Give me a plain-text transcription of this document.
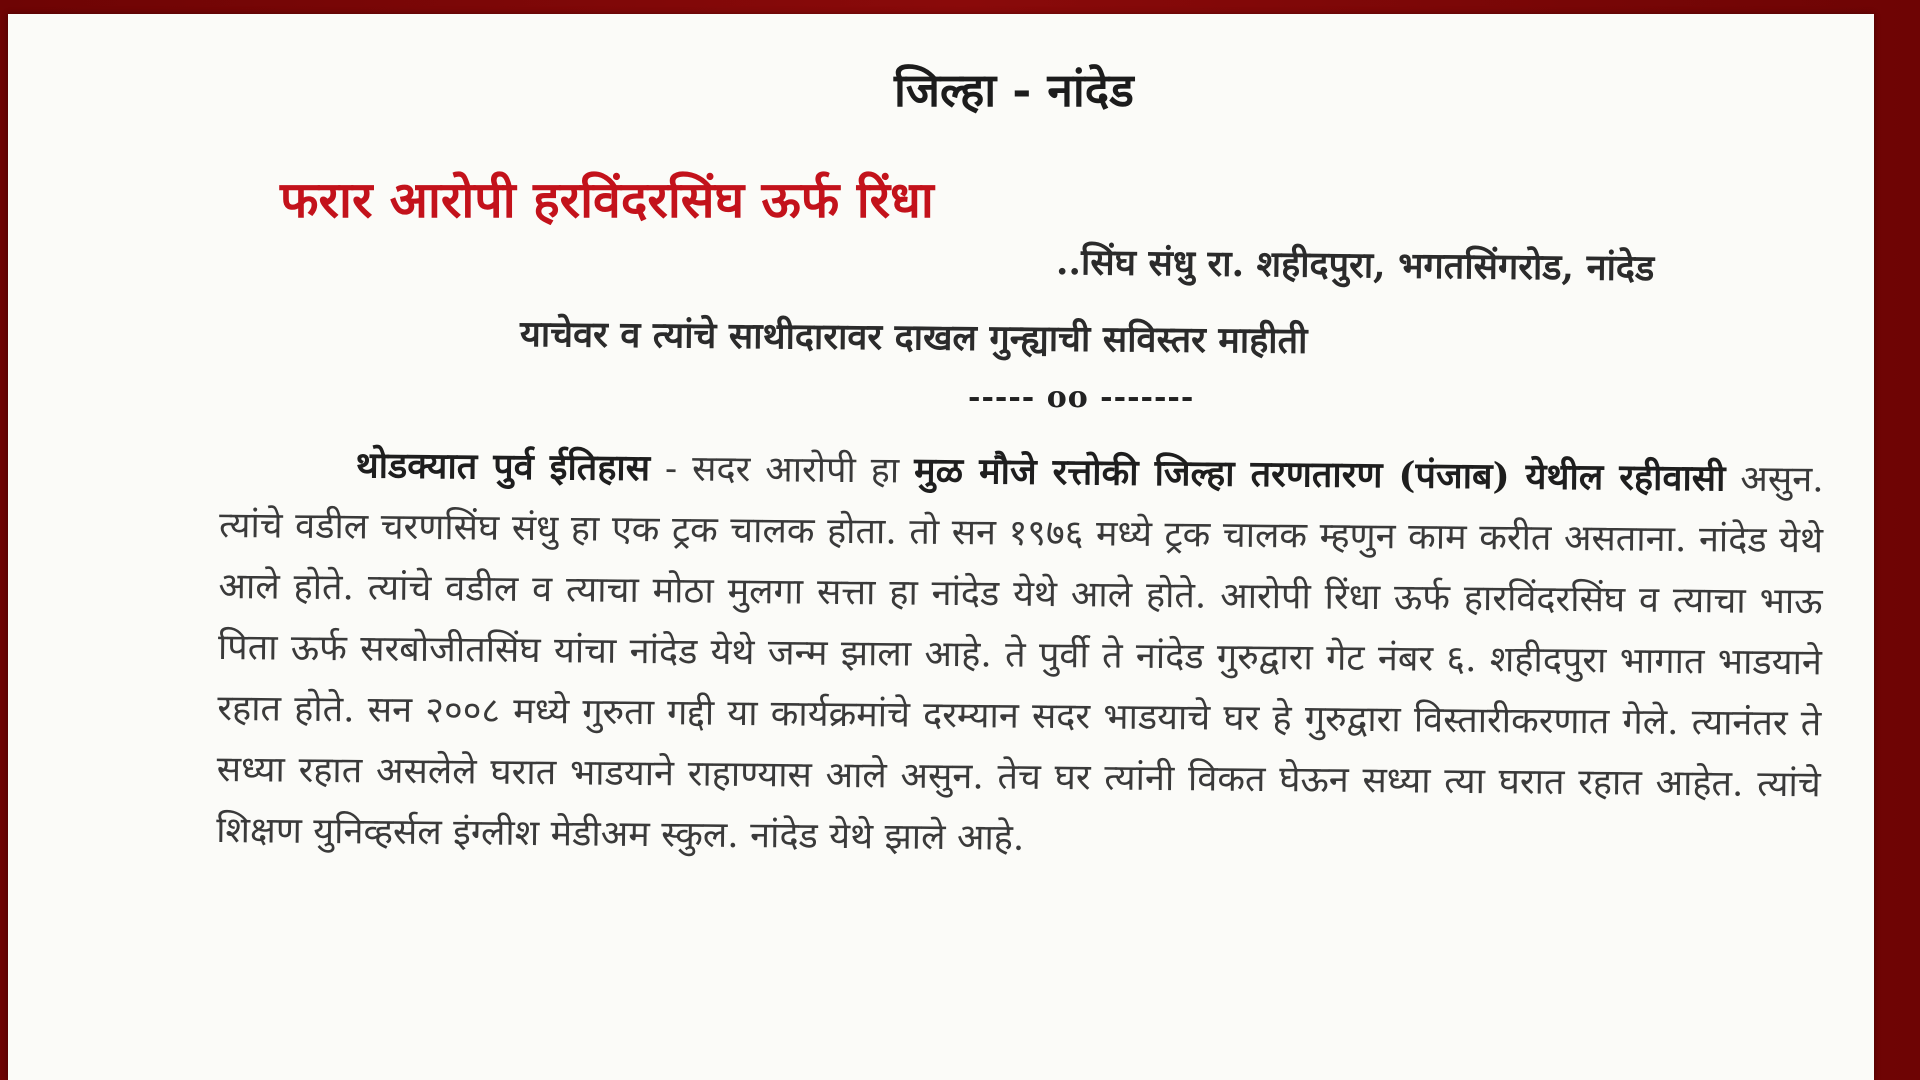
जिल्हा - नांदेड
फरार आरोपी हरविंदरसिंघ ऊर्फ रिंधा
..सिंघ संधु रा. शहीदपुरा, भगतसिंगरोड, नांदेड
याचेवर व त्यांचे साथीदारावर दाखल गुन्ह्याची सविस्तर माहीती
----- oo -------
थोडक्यात पुर्व ईतिहास - सदर आरोपी हा मुळ मौजे रत्तोकी जिल्हा तरणतारण (पंजाब) येथील रहीवासी असुन. त्यांचे वडील चरणसिंघ संधु हा एक ट्रक चालक होता. तो सन १९७६ मध्ये ट्रक चालक म्हणुन काम करीत असताना. नांदेड येथे आले होते. त्यांचे वडील व त्याचा मोठा मुलगा सत्ता हा नांदेड येथे आले होते. आरोपी रिंधा ऊर्फ हारविंदरसिंघ व त्याचा भाऊ पिता ऊर्फ सरबोजीतसिंघ यांचा नांदेड येथे जन्म झाला आहे. ते पुर्वी ते नांदेड गुरुद्वारा गेट नंबर ६. शहीदपुरा भागात भाडयाने रहात होते. सन २००८ मध्ये गुरुता गद्दी या कार्यक्रमांचे दरम्यान सदर भाडयाचे घर हे गुरुद्वारा विस्तारीकरणात गेले. त्यानंतर ते सध्या रहात असलेले घरात भाडयाने राहाण्यास आले असुन. तेच घर त्यांनी विकत घेऊन सध्या त्या घरात रहात आहेत. त्यांचे शिक्षण युनिव्हर्सल इंग्लीश मेडीअम स्कुल. नांदेड येथे झाले आहे.
